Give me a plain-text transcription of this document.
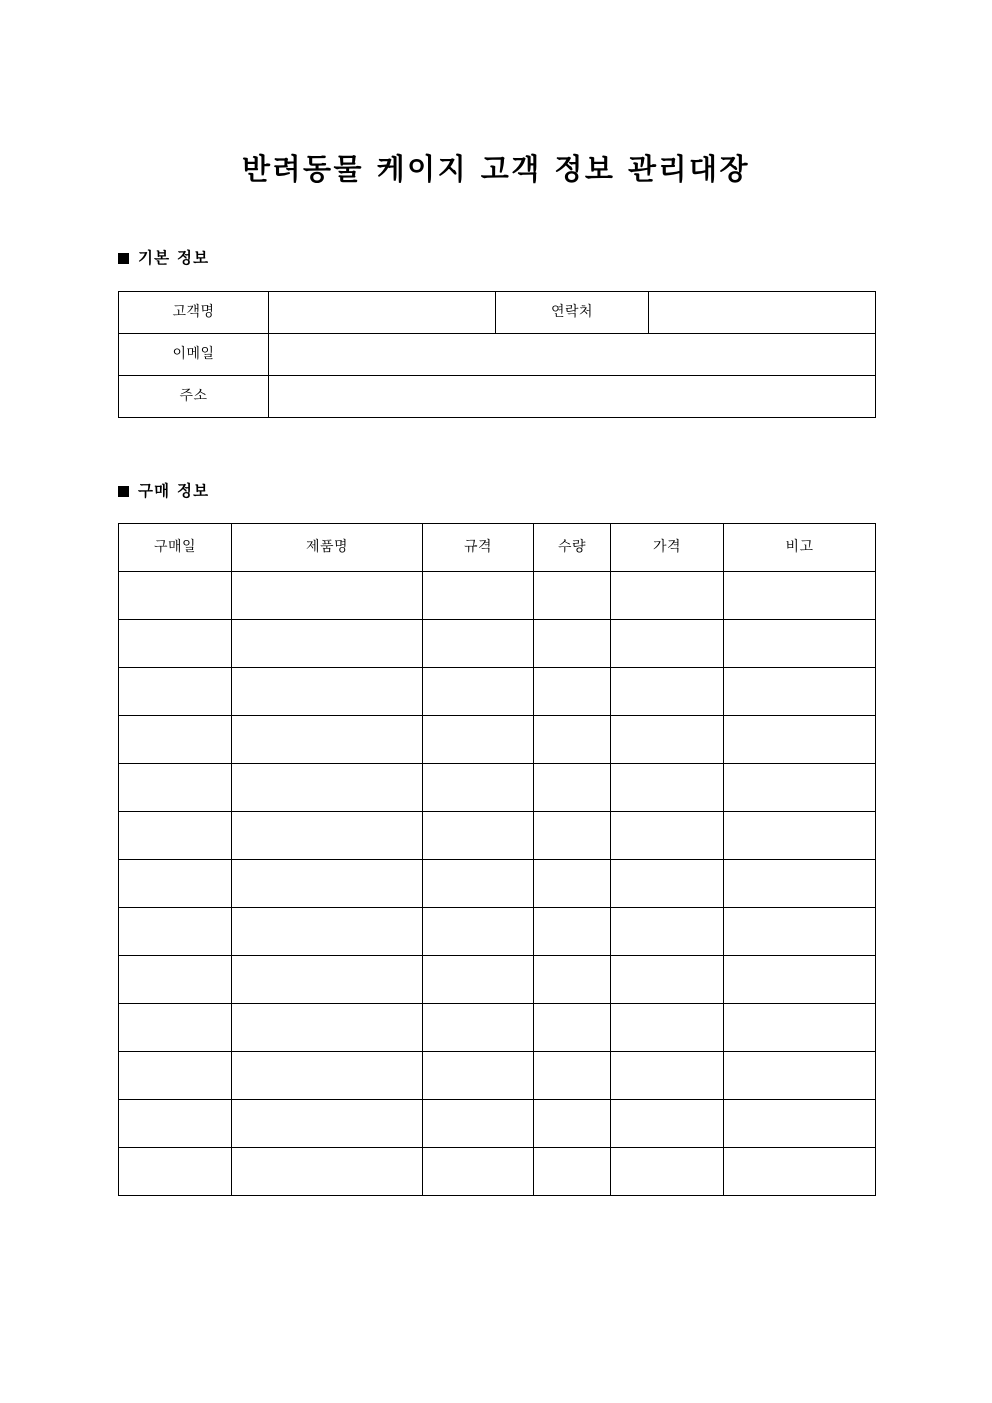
반려동물 케이지 고객 정보 관리대장
기본 정보
고객명		연락처	
이메일			
주소			
구매 정보
구매일	제품명	규격	수량	가격	비고
